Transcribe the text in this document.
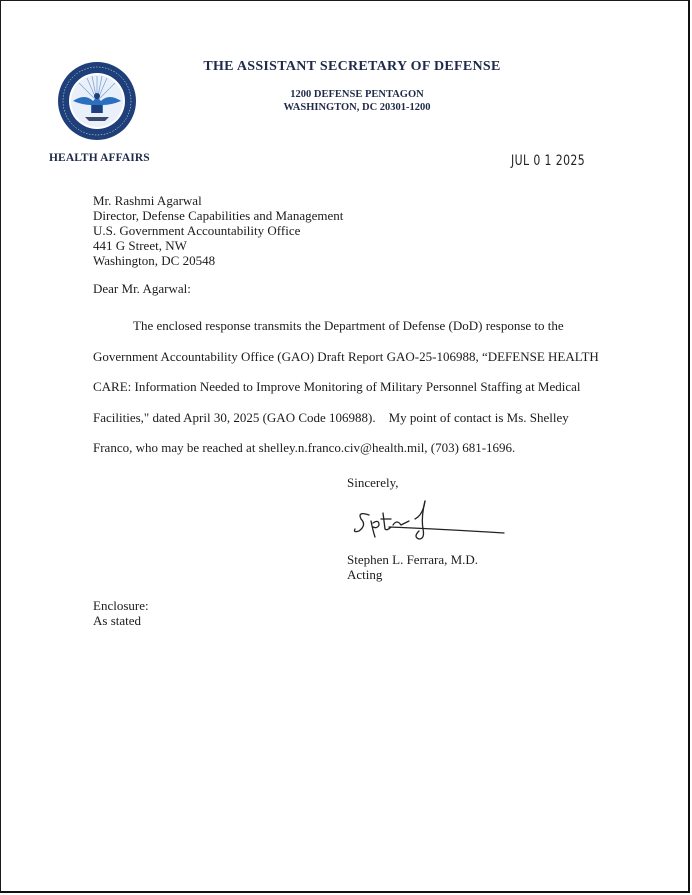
HEALTH AFFAIRS
THE ASSISTANT SECRETARY OF DEFENSE
1200 DEFENSE PENTAGON
WASHINGTON, DC 20301-1200
JUL 0 1 2025
Mr. Rashmi Agarwal
Director, Defense Capabilities and Management
U.S. Government Accountability Office
441 G Street, NW
Washington, DC 20548
Dear Mr. Agarwal:
The enclosed response transmits the Department of Defense (DoD) response to the
Government Accountability Office (GAO) Draft Report GAO-25-106988, “DEFENSE HEALTH
CARE: Information Needed to Improve Monitoring of Military Personnel Staffing at Medical
Facilities," dated April 30, 2025 (GAO Code 106988).    My point of contact is Ms. Shelley
Franco, who may be reached at shelley.n.franco.civ@health.mil, (703) 681-1696.
Sincerely,
Stephen L. Ferrara, M.D.
Acting
Enclosure:
As stated
